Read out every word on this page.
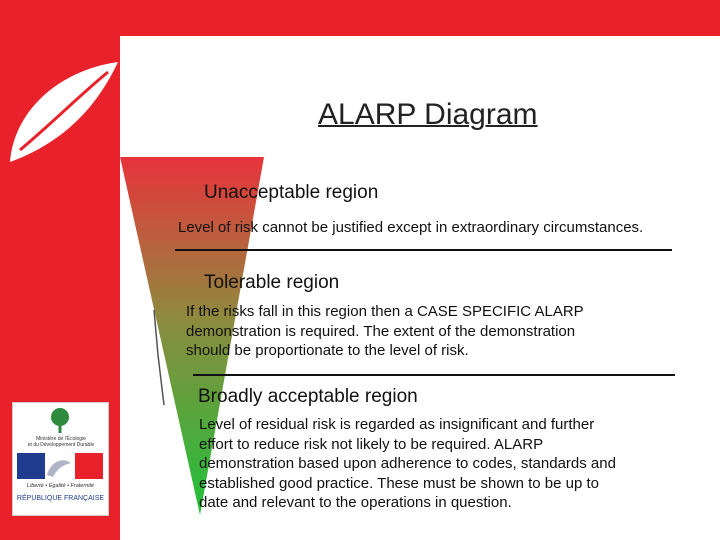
Ministère de l'Écologie
et du Développement Durable
Liberté • Égalité • Fraternité
RÉPUBLIQUE FRANÇAISE
ALARP Diagram
Unacceptable region
Level of risk cannot be justified except in extraordinary circumstances.
Tolerable region
If the risks fall in this region then a CASE SPECIFIC ALARP
demonstration is required. The extent of the demonstration
should be proportionate to the level of risk.
Broadly acceptable region
Level of residual risk is regarded as insignificant and further
effort to reduce risk not likely to be required. ALARP
demonstration based upon adherence to codes, standards and
established good practice. These must be shown to be up to
date and relevant to the operations in question.
